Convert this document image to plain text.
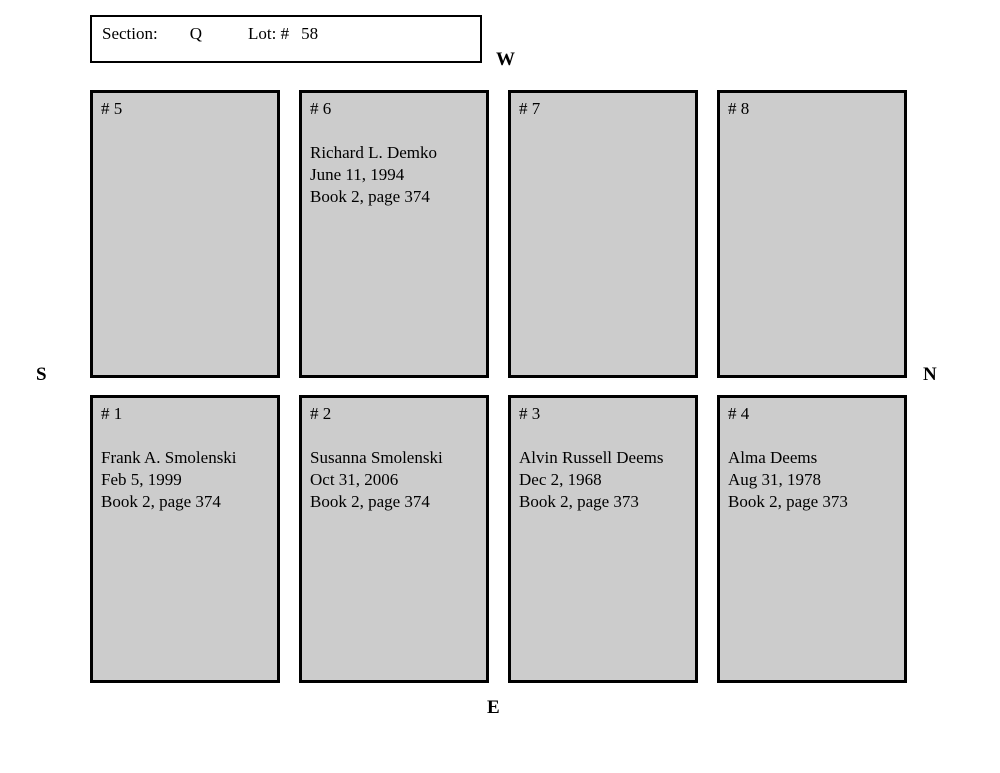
Section: Q	Lot: # 58
W
S	N
E
# 5	# 6
Richard L. Demko
June 11, 1994
Book 2, page 374
# 7	# 8
# 1
Frank A. Smolenski
Feb 5, 1999
Book 2, page 374
# 2
Susanna Smolenski
Oct 31, 2006
Book 2, page 374
# 3
Alvin Russell Deems
Dec 2, 1968
Book 2, page 373
# 4
Alma Deems
Aug 31, 1978
Book 2, page 373
